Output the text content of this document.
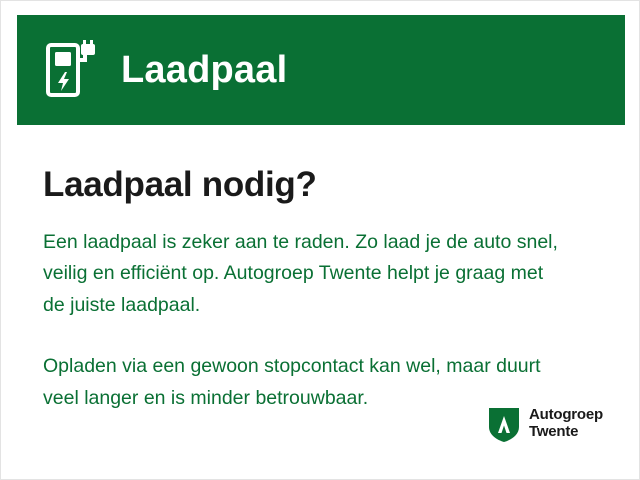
Laadpaal
Laadpaal nodig?

Een laadpaal is zeker aan te raden. Zo laad je de auto snel, veilig en efficiënt op. Autogroep Twente helpt je graag met de juiste laadpaal.

Opladen via een gewoon stopcontact kan wel, maar duurt veel langer en is minder betrouwbaar.

Autogroep
Twente
